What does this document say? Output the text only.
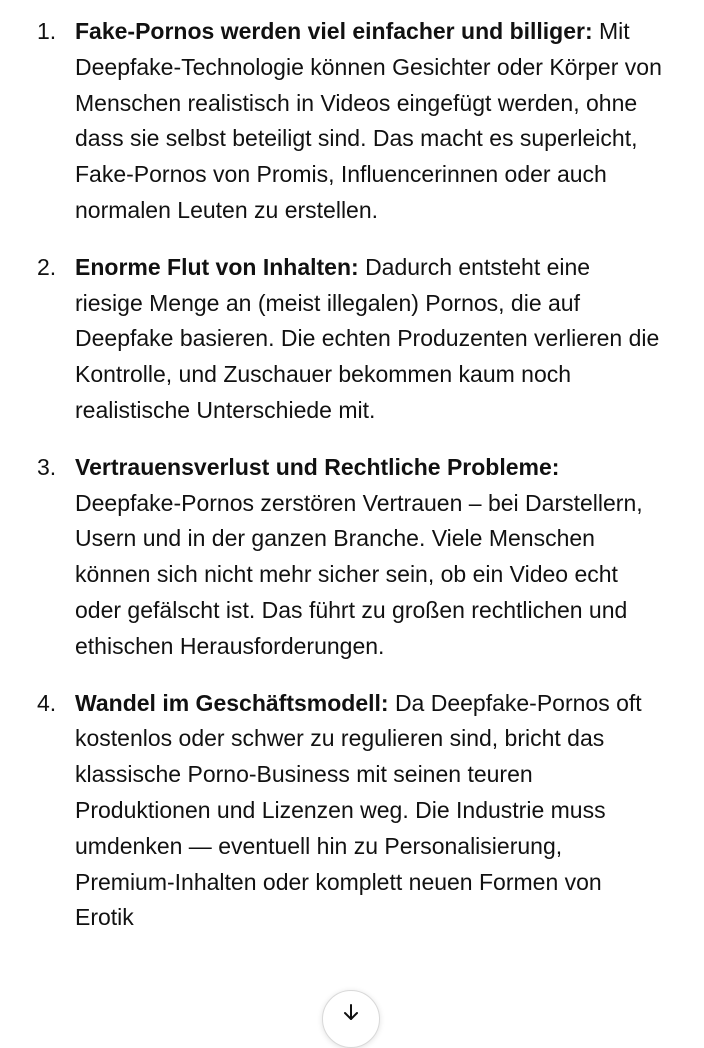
1. Fake-Pornos werden viel einfacher und billiger: Mit Deepfake-Technologie können Gesichter oder Körper von Menschen realistisch in Videos eingefügt werden, ohne dass sie selbst beteiligt sind. Das macht es superleicht, Fake-Pornos von Promis, Influencerinnen oder auch normalen Leuten zu erstellen.
2. Enorme Flut von Inhalten: Dadurch entsteht eine riesige Menge an (meist illegalen) Pornos, die auf Deepfake basieren. Die echten Produzenten verlieren die Kontrolle, und Zuschauer bekommen kaum noch realistische Unterschiede mit.
3. Vertrauensverlust und Rechtliche Probleme: Deepfake-Pornos zerstören Vertrauen – bei Darstellern, Usern und in der ganzen Branche. Viele Menschen können sich nicht mehr sicher sein, ob ein Video echt oder gefälscht ist. Das führt zu großen rechtlichen und ethischen Herausforderungen.
4. Wandel im Geschäftsmodell: Da Deepfake-Pornos oft kostenlos oder schwer zu regulieren sind, bricht das klassische Porno-Business mit seinen teuren Produktionen und Lizenzen weg. Die Industrie muss umdenken — eventuell hin zu Personalisierung, Premium-Inhalten oder komplett neuen Formen von Erotik
